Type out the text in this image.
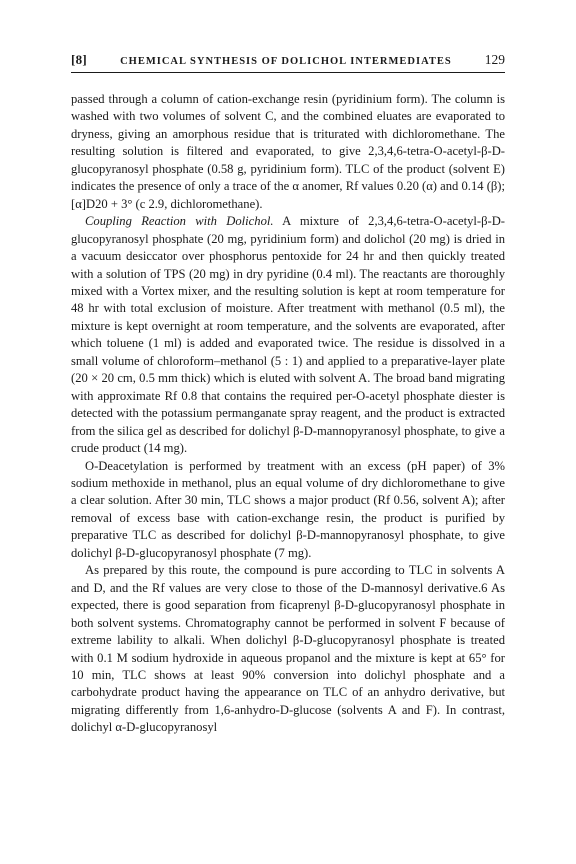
[8]	CHEMICAL SYNTHESIS OF DOLICHOL INTERMEDIATES 129

passed through a column of cation-exchange resin (pyridinium form). The column is washed with two volumes of solvent C, and the combined eluates are evaporated to dryness, giving an amorphous residue that is triturated with dichloromethane. The resulting solution is filtered and evaporated, to give 2,3,4,6-tetra-O-acetyl-β-D-glucopyranosyl phosphate (0.58 g, pyridinium form). TLC of the product (solvent E) indicates the presence of only a trace of the α anomer, Rf values 0.20 (α) and 0.14 (β); [α]D20 + 3° (c 2.9, dichloromethane).

Coupling Reaction with Dolichol. A mixture of 2,3,4,6-tetra-O-acetyl-β-D-glucopyranosyl phosphate (20 mg, pyridinium form) and dolichol (20 mg) is dried in a vacuum desiccator over phosphorus pentoxide for 24 hr and then quickly treated with a solution of TPS (20 mg) in dry pyridine (0.4 ml). The reactants are thoroughly mixed with a Vortex mixer, and the resulting solution is kept at room temperature for 48 hr with total exclusion of moisture. After treatment with methanol (0.5 ml), the mixture is kept overnight at room temperature, and the solvents are evaporated, after which toluene (1 ml) is added and evaporated twice. The residue is dissolved in a small volume of chloroform–methanol (5 : 1) and applied to a preparative-layer plate (20 × 20 cm, 0.5 mm thick) which is eluted with solvent A. The broad band migrating with approximate Rf 0.8 that contains the required per-O-acetyl phosphate diester is detected with the potassium permanganate spray reagent, and the product is extracted from the silica gel as described for dolichyl β-D-mannopyranosyl phosphate, to give a crude product (14 mg).

O-Deacetylation is performed by treatment with an excess (pH paper) of 3% sodium methoxide in methanol, plus an equal volume of dry dichloromethane to give a clear solution. After 30 min, TLC shows a major product (Rf 0.56, solvent A); after removal of excess base with cation-exchange resin, the product is purified by preparative TLC as described for dolichyl β-D-mannopyranosyl phosphate, to give dolichyl β-D-glucopyranosyl phosphate (7 mg).

As prepared by this route, the compound is pure according to TLC in solvents A and D, and the Rf values are very close to those of the D-mannosyl derivative.6 As expected, there is good separation from ficaprenyl β-D-glucopyranosyl phosphate in both solvent systems. Chromatography cannot be performed in solvent F because of extreme lability to alkali. When dolichyl β-D-glucopyranosyl phosphate is treated with 0.1 M sodium hydroxide in aqueous propanol and the mixture is kept at 65° for 10 min, TLC shows at least 90% conversion into dolichyl phosphate and a carbohydrate product having the appearance on TLC of an anhydro derivative, but migrating differently from 1,6-anhydro-D-glucose (solvents A and F). In contrast, dolichyl α-D-glucopyranosyl
